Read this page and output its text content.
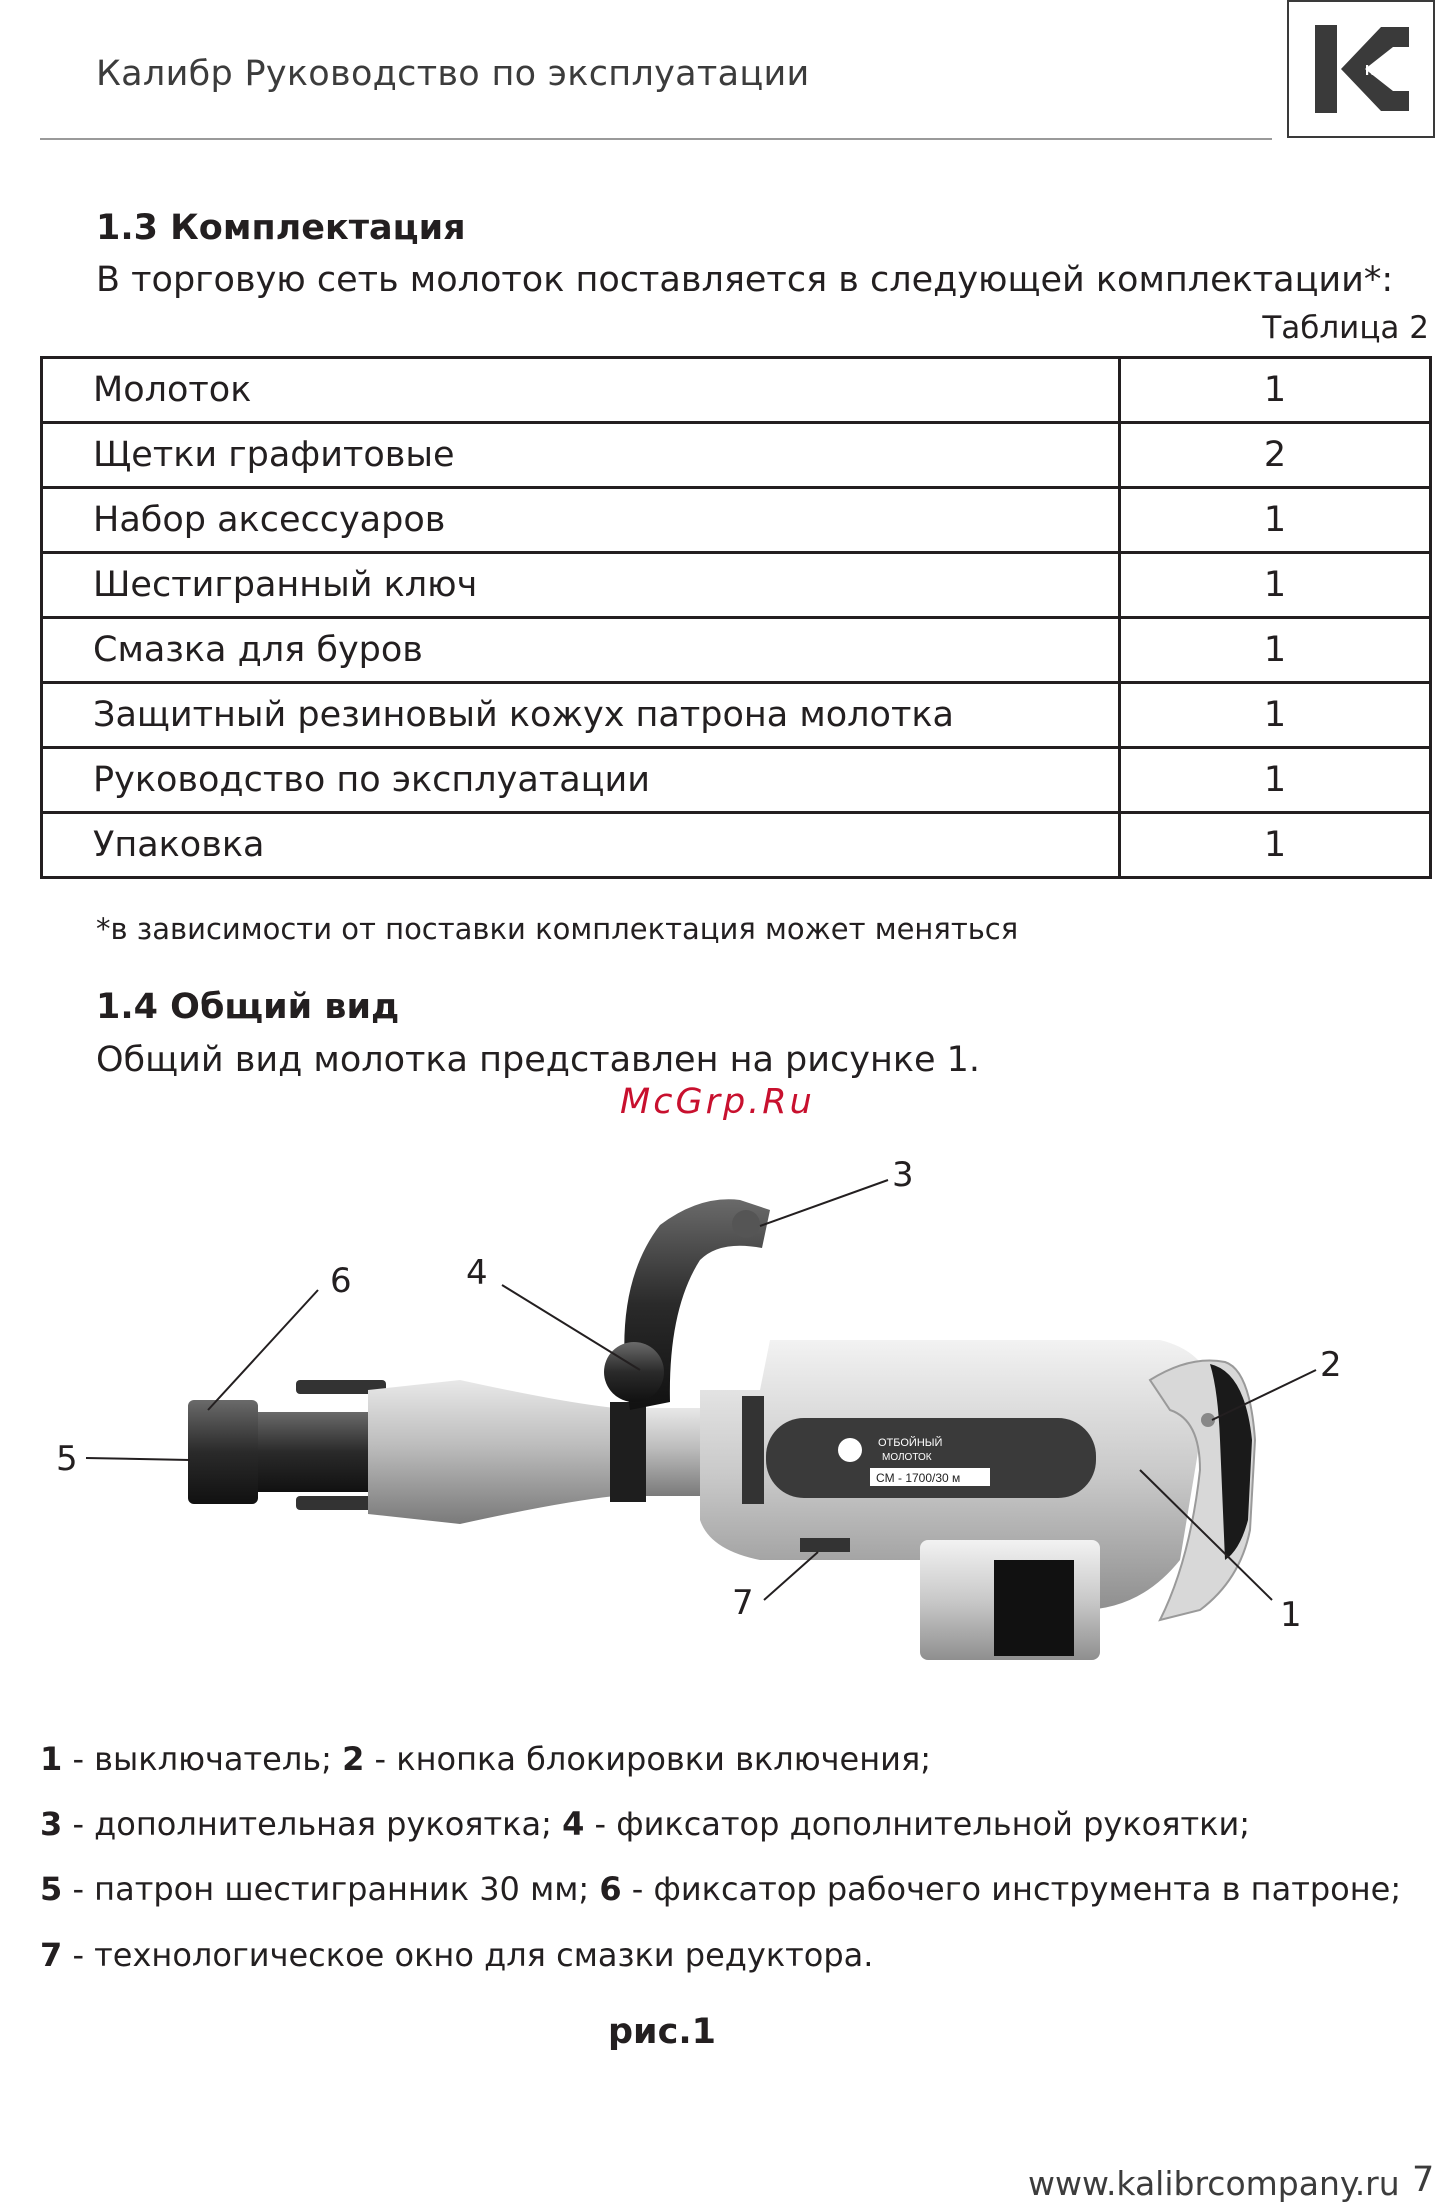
Калибр Руководство по эксплуатации	КАЛИБР
1.3 Комплектация
В торговую сеть молоток поставляется в следующей комплектации*:
Таблица 2
Молоток	1
Щетки графитовые	2
Набор аксессуаров	1
Шестигранный ключ	1
Смазка для буров	1
Защитный резиновый кожух патрона молотка	1
Руководство по эксплуатации	1
Упаковка	1
*в зависимости от поставки комплектация может меняться
1.4 Общий вид
Общий вид молотка представлен на рисунке 1.
McGrp.Ru
ОТБОЙНЫЙ
МОЛОТОК
CM - 1700/30 м
1
2
3
4
5
6
7
1 - выключатель; 2 - кнопка блокировки включения;
3 - дополнительная рукоятка; 4 - фиксатор дополнительной рукоятки;
5 - патрон шестигранник 30 мм; 6 - фиксатор рабочего инструмента в патроне;
7 - технологическое окно для смазки редуктора.
рис.1
www.kalibrcompany.ru 7
